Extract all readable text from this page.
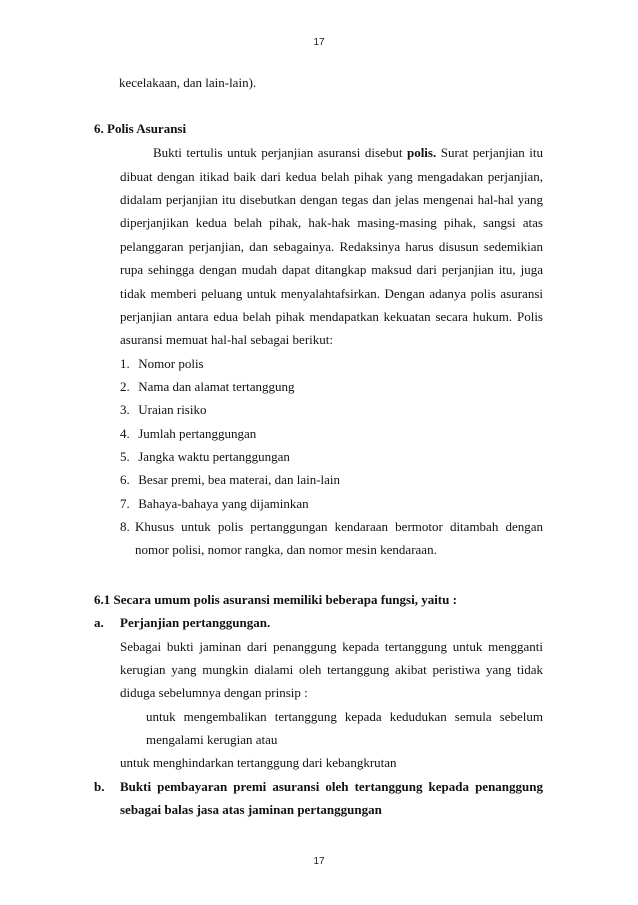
17
kecelakaan, dan lain-lain).
6. Polis Asuransi
Bukti tertulis untuk perjanjian asuransi disebut polis. Surat perjanjian itu
dibuat dengan itikad baik dari kedua belah pihak yang mengadakan perjanjian,
didalam perjanjian itu disebutkan dengan tegas dan jelas mengenai hal-hal yang
diperjanjikan kedua belah pihak, hak-hak masing-masing pihak, sangsi atas
pelanggaran perjanjian, dan sebagainya. Redaksinya harus disusun sedemikian
rupa sehingga dengan mudah dapat ditangkap maksud dari perjanjian itu, juga
tidak memberi peluang untuk menyalahtafsirkan. Dengan adanya polis asuransi
perjanjian antara edua belah pihak mendapatkan kekuatan secara hukum. Polis
asuransi memuat hal-hal sebagai berikut:
1. Nomor polis
2. Nama dan alamat tertanggung
3. Uraian risiko
4. Jumlah pertanggungan
5. Jangka waktu pertanggungan
6. Besar premi, bea materai, dan lain-lain
7. Bahaya-bahaya yang dijaminkan
8. Khusus untuk polis pertanggungan kendaraan bermotor ditambah dengan
nomor polisi, nomor rangka, dan nomor mesin kendaraan.
6.1 Secara umum polis asuransi memiliki beberapa fungsi, yaitu :
a. Perjanjian pertanggungan.
Sebagai bukti jaminan dari penanggung kepada tertanggung untuk mengganti
kerugian yang mungkin dialami oleh tertanggung akibat peristiwa yang tidak
diduga sebelumnya dengan prinsip :
untuk mengembalikan tertanggung kepada kedudukan semula sebelum
mengalami kerugian atau
untuk menghindarkan tertanggung dari kebangkrutan
b. Bukti pembayaran premi asuransi oleh tertanggung kepada penanggung
sebagai balas jasa atas jaminan pertanggungan
17
